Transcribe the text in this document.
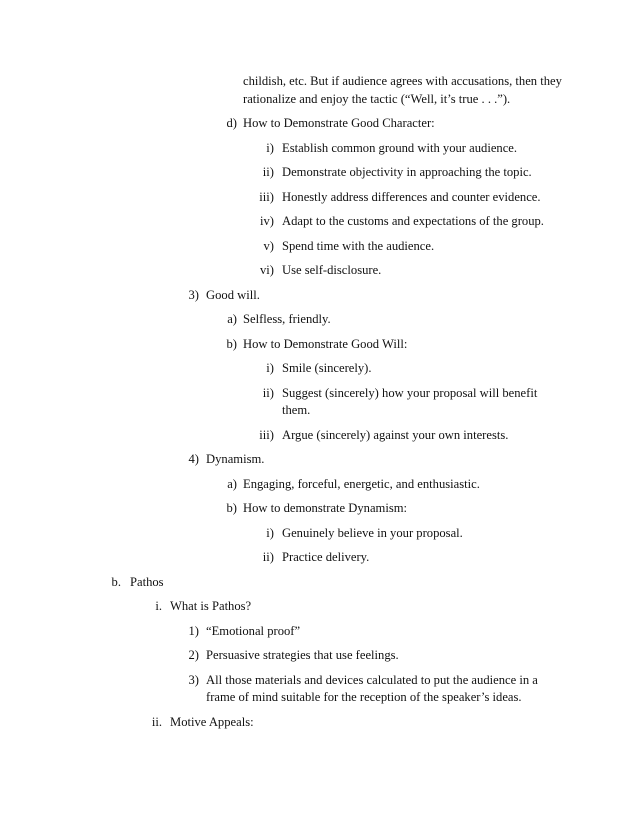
childish, etc. But if audience agrees with accusations, then they
rationalize and enjoy the tactic (“Well, it’s true . . .”).
d) How to Demonstrate Good Character:
i) Establish common ground with your audience.
ii) Demonstrate objectivity in approaching the topic.
iii) Honestly address differences and counter evidence.
iv) Adapt to the customs and expectations of the group.
v) Spend time with the audience.
vi) Use self-disclosure.
3) Good will.
a) Selfless, friendly.
b) How to Demonstrate Good Will:
i) Smile (sincerely).
ii) Suggest (sincerely) how your proposal will benefit
them.
iii) Argue (sincerely) against your own interests.
4) Dynamism.
a) Engaging, forceful, energetic, and enthusiastic.
b) How to demonstrate Dynamism:
i) Genuinely believe in your proposal.
ii) Practice delivery.
b. Pathos
i. What is Pathos?
1) “Emotional proof”
2) Persuasive strategies that use feelings.
3) All those materials and devices calculated to put the audience in a
frame of mind suitable for the reception of the speaker’s ideas.
ii. Motive Appeals:
